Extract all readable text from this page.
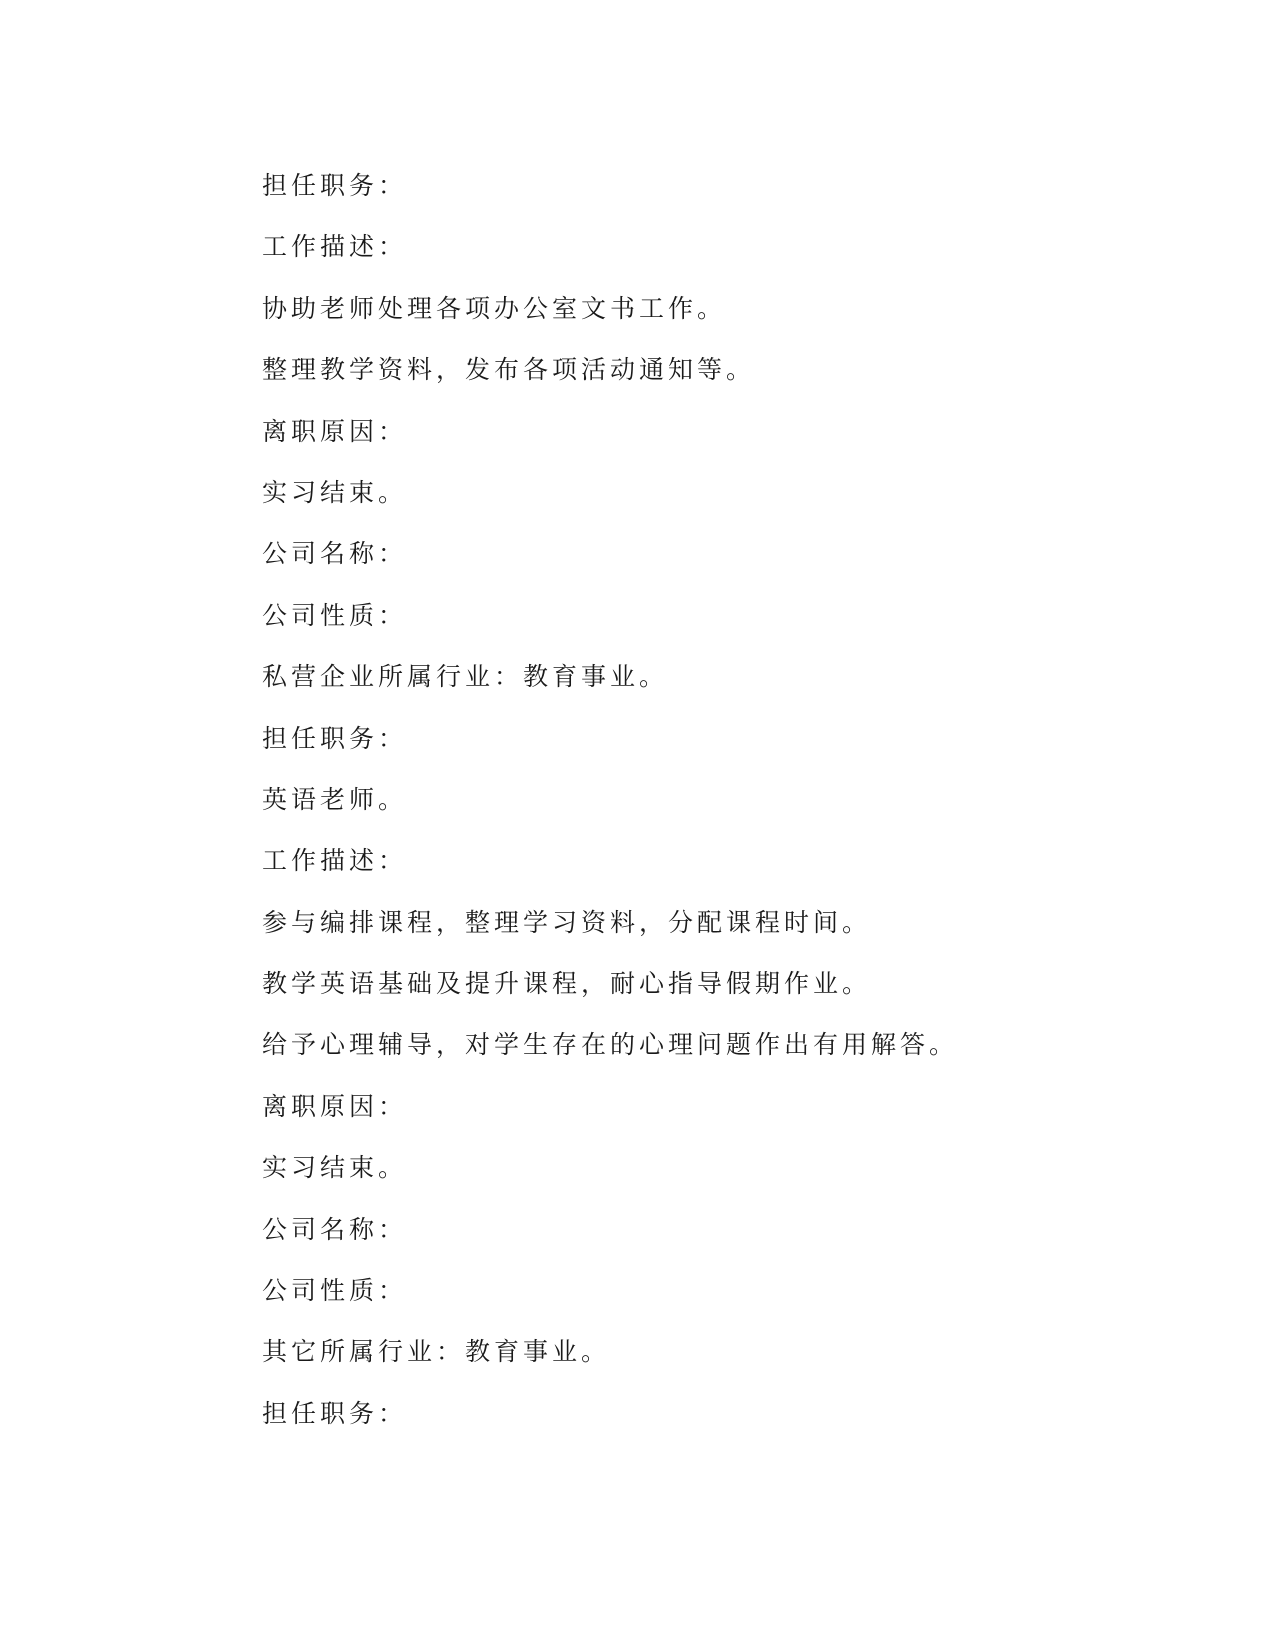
担任职务：
工作描述：
协助老师处理各项办公室文书工作。
整理教学资料，发布各项活动通知等。
离职原因：
实习结束。
公司名称：
公司性质：
私营企业所属行业：教育事业。
担任职务：
英语老师。
工作描述：
参与编排课程，整理学习资料，分配课程时间。
教学英语基础及提升课程，耐心指导假期作业。
给予心理辅导，对学生存在的心理问题作出有用解答。
离职原因：
实习结束。
公司名称：
公司性质：
其它所属行业：教育事业。
担任职务：
